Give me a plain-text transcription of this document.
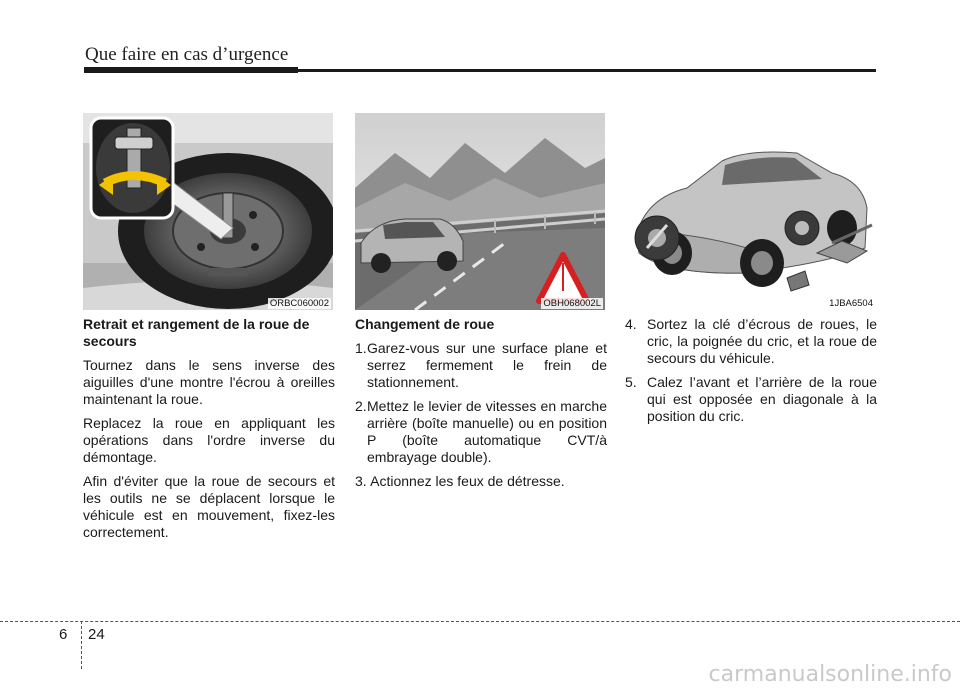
Que faire en cas d’urgence
ORBC060002	OBH068002L	1JBA6504
Retrait et rangement de la roue de secours

Tournez dans le sens inverse des aiguilles d'une montre l'écrou à oreilles maintenant la roue.

Replacez la roue en appliquant les opérations dans l'ordre inverse du démontage.

Afin d'éviter que la roue de secours et les outils ne se déplacent lorsque le véhicule est en mouvement, fixez-les correctement.

Changement de roue
1. Garez-vous sur une surface plane et serrez fermement le frein de stationnement.
2. Mettez le levier de vitesses en marche arrière (boîte manuelle) ou en position P (boîte automatique CVT/à embrayage double).
3. Actionnez les feux de détresse.
4. Sortez la clé d’écrous de roues, le cric, la poignée du cric, et la roue de secours du véhicule.
5. Calez l’avant et l’arrière de la roue qui est opposée en diagonale à la position du cric.
6 24
carmanualsonline.info
